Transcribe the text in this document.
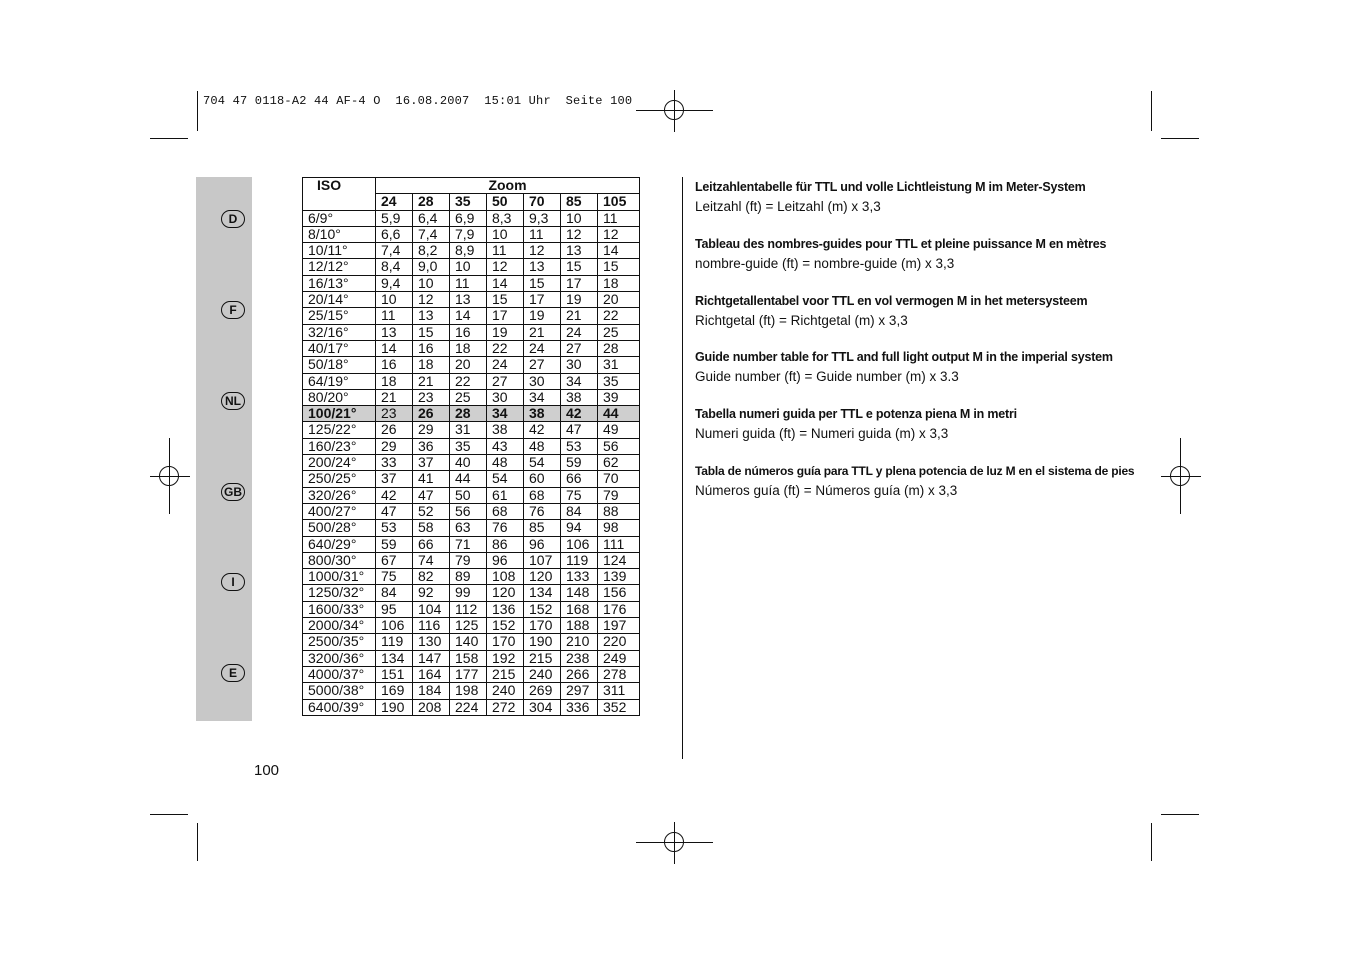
704 47 0118-A2 44 AF-4 O  16.08.2007  15:01 Uhr  Seite 100
D
F
NL
GB
I
E
ISO	Zoom						
	24	28	35	50	70	85	105
6/9°	5,9	6,4	6,9	8,3	9,3	10	11
8/10°	6,6	7,4	7,9	10	11	12	12
10/11°	7,4	8,2	8,9	11	12	13	14
12/12°	8,4	9,0	10	12	13	15	15
16/13°	9,4	10	11	14	15	17	18
20/14°	10	12	13	15	17	19	20
25/15°	11	13	14	17	19	21	22
32/16°	13	15	16	19	21	24	25
40/17°	14	16	18	22	24	27	28
50/18°	16	18	20	24	27	30	31
64/19°	18	21	22	27	30	34	35
80/20°	21	23	25	30	34	38	39
100/21°	23	26	28	34	38	42	44
125/22°	26	29	31	38	42	47	49
160/23°	29	36	35	43	48	53	56
200/24°	33	37	40	48	54	59	62
250/25°	37	41	44	54	60	66	70
320/26°	42	47	50	61	68	75	79
400/27°	47	52	56	68	76	84	88
500/28°	53	58	63	76	85	94	98
640/29°	59	66	71	86	96	106	111
800/30°	67	74	79	96	107	119	124
1000/31°	75	82	89	108	120	133	139
1250/32°	84	92	99	120	134	148	156
1600/33°	95	104	112	136	152	168	176
2000/34°	106	116	125	152	170	188	197
2500/35°	119	130	140	170	190	210	220
3200/36°	134	147	158	192	215	238	249
4000/37°	151	164	177	215	240	266	278
5000/38°	169	184	198	240	269	297	311
6400/39°	190	208	224	272	304	336	352
100
Leitzahlentabelle für TTL und volle Lichtleistung M im Meter-System
Leitzahl (ft) = Leitzahl (m) x 3,3
Tableau des nombres-guides pour TTL et pleine puissance M en mètres
nombre-guide (ft) = nombre-guide (m) x 3,3
Richtgetallentabel voor TTL en vol vermogen M in het metersysteem
Richtgetal (ft) = Richtgetal (m) x 3,3
Guide number table for TTL and full light output M in the imperial system
Guide number (ft) = Guide number (m) x 3.3
Tabella numeri guida per TTL e potenza piena M in metri
Numeri guida (ft) = Numeri guida (m) x 3,3
Tabla de números guía para TTL y plena potencia de luz M en el sistema de pies
Números guía (ft) = Números guía (m) x 3,3
